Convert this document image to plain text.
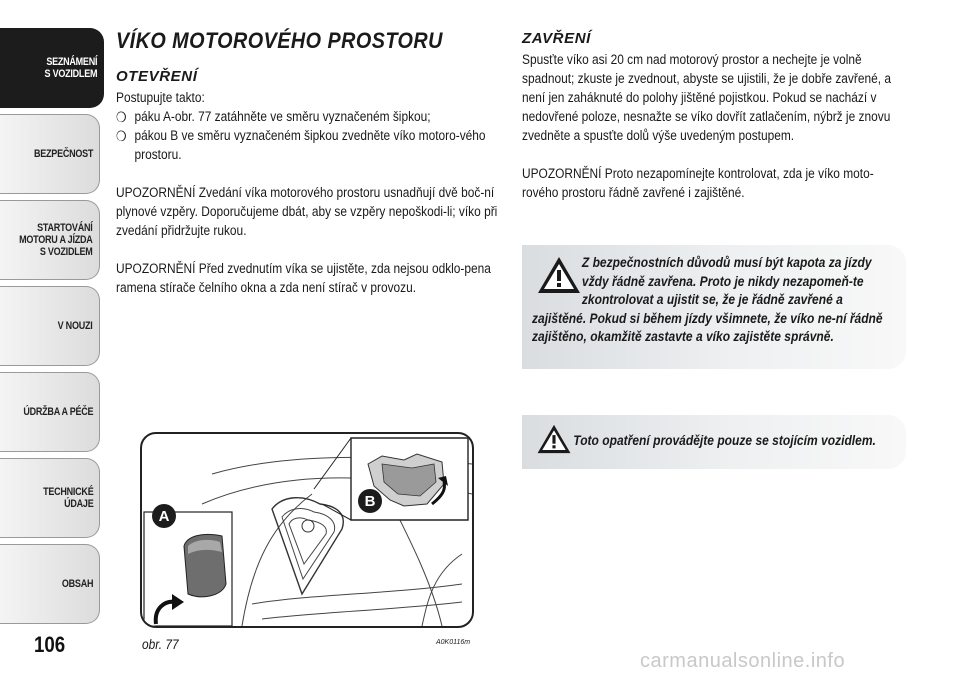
SEZNÁMENÍ
S VOZIDLEM
BEZPEČNOST
STARTOVÁNÍ
MOTORU A JÍZDA
S VOZIDLEM
V NOUZI
ÚDRŽBA A PÉČE
TECHNICKÉ
ÚDAJE
OBSAH
106
VÍKO MOTOROVÉHO PROSTORU
OTEVŘENÍ

Postupujte takto:

❍ páku A-obr. 77 zatáhněte ve směru vyznačeném šipkou;
❍ pákou B ve směru vyznačeném šipkou zvedněte víko motoro-vého prostoru.

UPOZORNĚNÍ Zvedání víka motorového prostoru usnadňují dvě boč-ní plynové vzpěry. Doporučujeme dbát, aby se vzpěry nepoškodi-li; víko při zvedání přidržujte rukou.

UPOZORNĚNÍ Před zvednutím víka se ujistěte, zda nejsou odklo-pena ramena stírače čelního okna a zda není stírač v provozu.

ZAVŘENÍ

Spusťte víko asi 20 cm nad motorový prostor a nechejte je volně spadnout; zkuste je zvednout, abyste se ujistili, že je dobře zavřené, a není jen zaháknuté do polohy jištěné pojistkou. Pokud se nachází v nedovřené poloze, nesnažte se víko dovřít zatlačením, nýbrž je znovu zvedněte a spusťte dolů výše uvedeným postupem.

UPOZORNĚNÍ Proto nezapomínejte kontrolovat, zda je víko moto-rového prostoru řádně zavřené i zajištěné.

Z bezpečnostních důvodů musí být kapota za jízdy vždy řádně zavřena. Proto je nikdy nezapomeň-te zkontrolovat a ujistit se, že je řádně zavřené a zajištěné. Pokud si během jízdy všimnete, že víko ne-ní řádně zajištěno, okamžitě zastavte a víko zajistěte správně.
Toto opatření provádějte pouze se stojícím vozidlem.
B
A
obr. 77	A0K0116m
carmanualsonline.info
